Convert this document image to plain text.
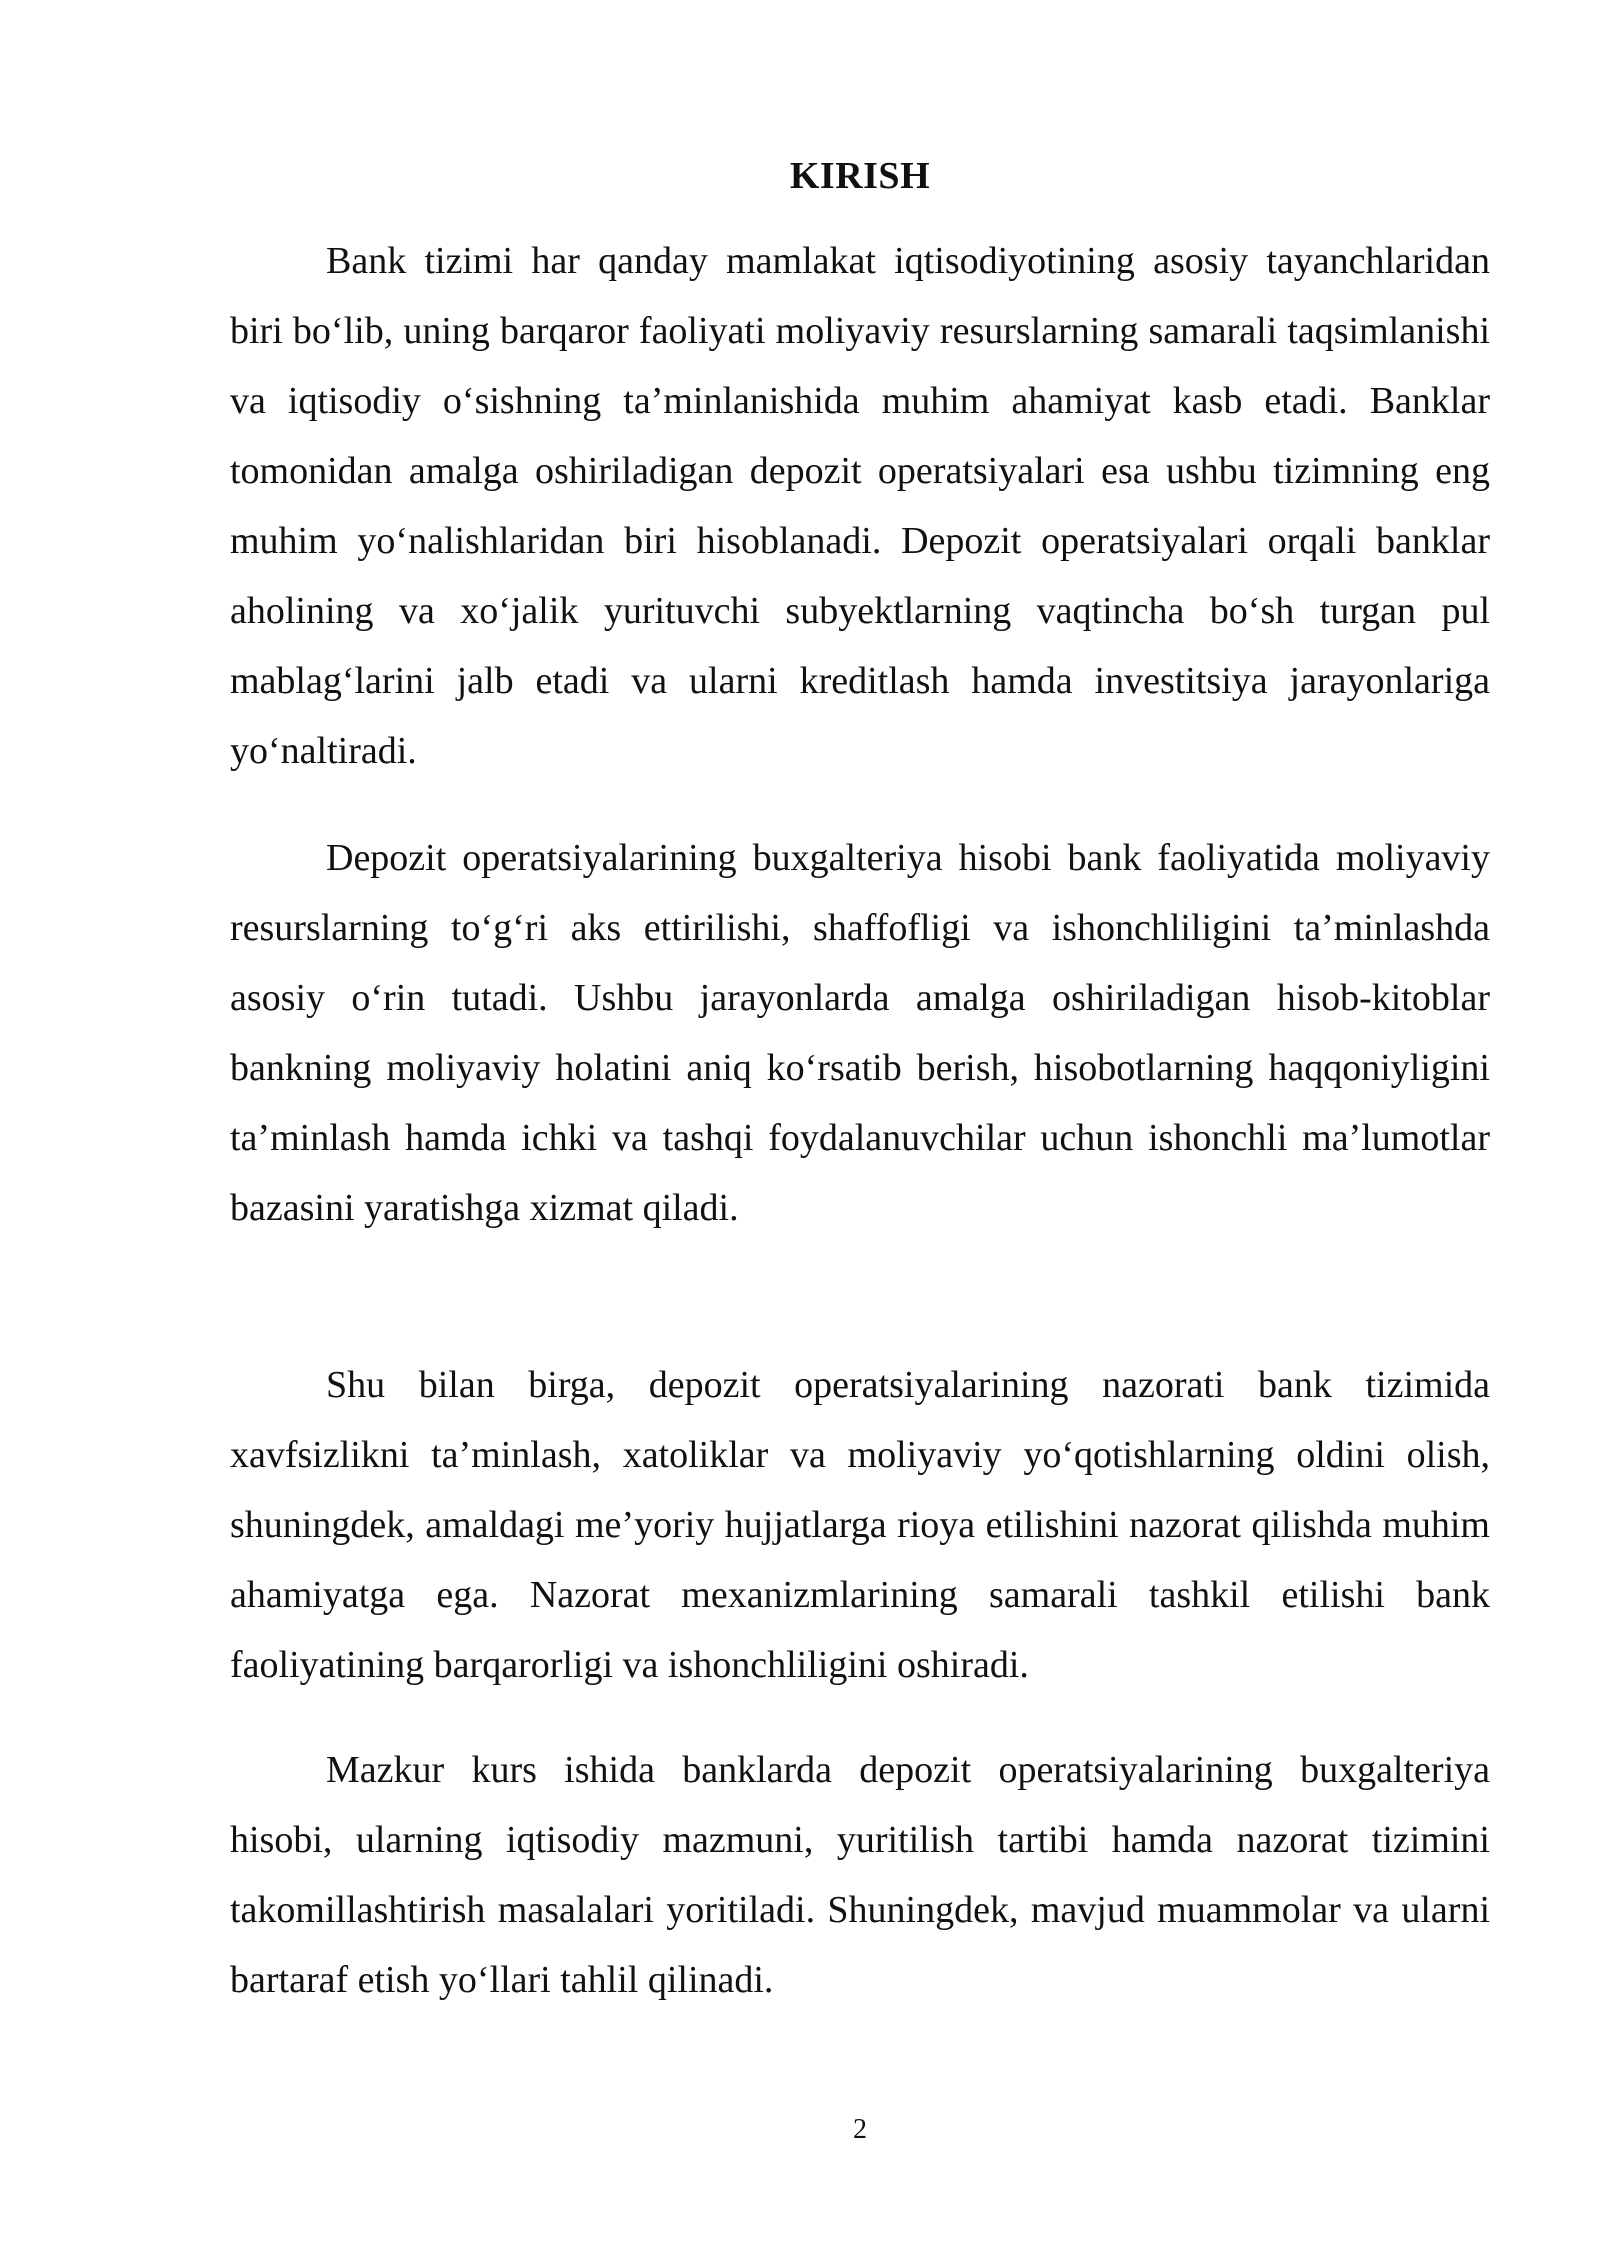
KIRISH

Bank tizimi har qanday mamlakat iqtisodiyotining asosiy tayanchlaridan biri bo‘lib, uning barqaror faoliyati moliyaviy resurslarning samarali taqsimlanishi va iqtisodiy o‘sishning ta’minlanishida muhim ahamiyat kasb etadi. Banklar tomonidan amalga oshiriladigan depozit operatsiyalari esa ushbu tizimning eng muhim yo‘nalishlaridan biri hisoblanadi. Depozit operatsiyalari orqali banklar aholining va xo‘jalik yurituvchi subyektlarning vaqtincha bo‘sh turgan pul mablag‘larini jalb etadi va ularni kreditlash hamda investitsiya jarayonlariga yo‘naltiradi.

Depozit operatsiyalarining buxgalteriya hisobi bank faoliyatida moliyaviy resurslarning to‘g‘ri aks ettirilishi, shaffofligi va ishonchliligini ta’minlashda asosiy o‘rin tutadi. Ushbu jarayonlarda amalga oshiriladigan hisob-kitoblar bankning moliyaviy holatini aniq ko‘rsatib berish, hisobotlarning haqqoniyligini ta’minlash hamda ichki va tashqi foydalanuvchilar uchun ishonchli ma’lumotlar bazasini yaratishga xizmat qiladi.

Shu bilan birga, depozit operatsiyalarining nazorati bank tizimida xavfsizlikni ta’minlash, xatoliklar va moliyaviy yo‘qotishlarning oldini olish, shuningdek, amaldagi me’yoriy hujjatlarga rioya etilishini nazorat qilishda muhim ahamiyatga ega. Nazorat mexanizmlarining samarali tashkil etilishi bank faoliyatining barqarorligi va ishonchliligini oshiradi.

Mazkur kurs ishida banklarda depozit operatsiyalarining buxgalteriya hisobi, ularning iqtisodiy mazmuni, yuritilish tartibi hamda nazorat tizimini takomillashtirish masalalari yoritiladi. Shuningdek, mavjud muammolar va ularni bartaraf etish yo‘llari tahlil qilinadi.

2
